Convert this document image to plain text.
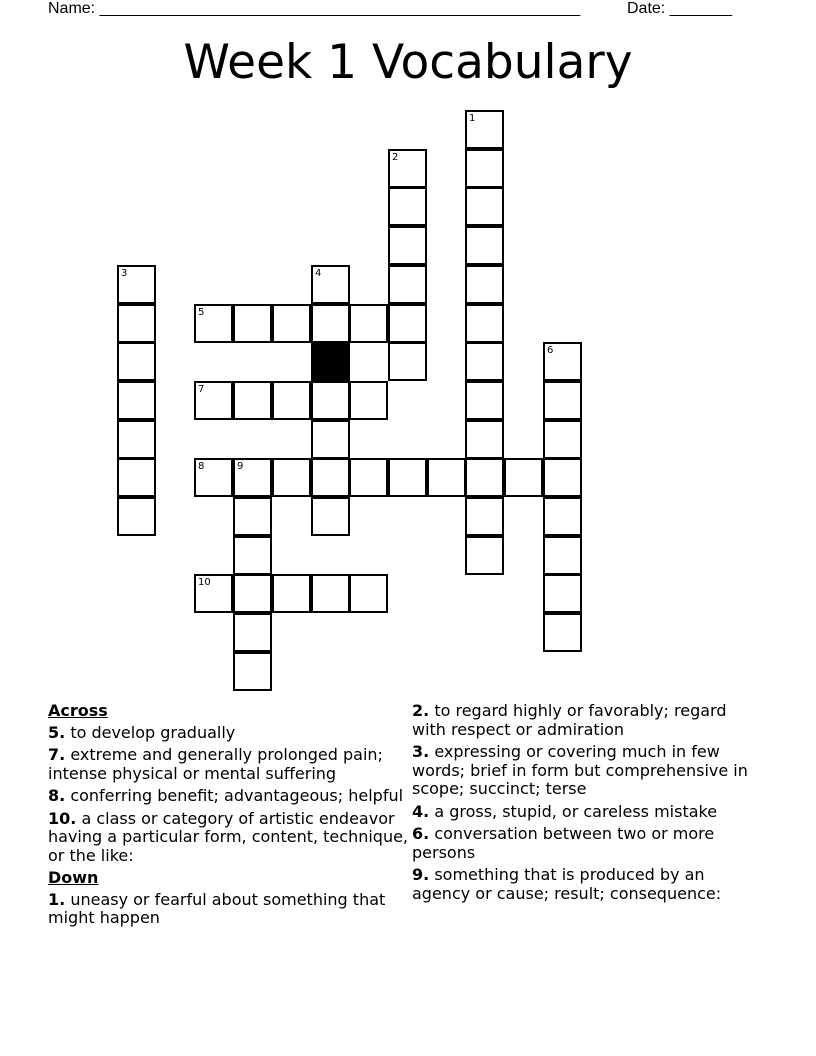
Name: ______________________________________________________	Date: _______
Week 1 Vocabulary
5
7
8	9
10
1
2
3	4
6
Across
5. to develop gradually
7. extreme and generally prolonged pain; intense physical or mental suffering
8. conferring benefit; advantageous; helpful
10. a class or category of artistic endeavor having a particular form, content, technique, or the like:
Down
1. uneasy or fearful about something that might happen
2. to regard highly or favorably; regard with respect or admiration
3. expressing or covering much in few words; brief in form but comprehensive in scope; succinct; terse
4. a gross, stupid, or careless mistake
6. conversation between two or more persons
9. something that is produced by an agency or cause; result; consequence:
